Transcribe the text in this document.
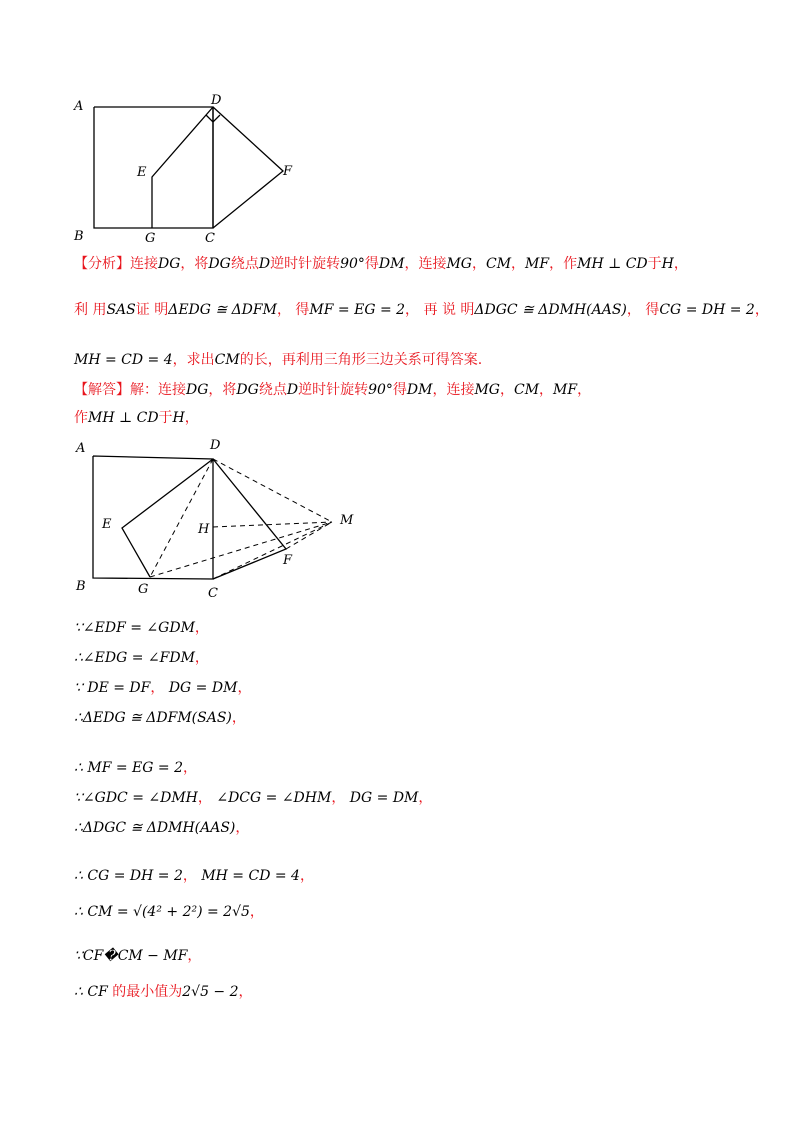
A	D
E	F
B	G	C
【分析】连接DG，将DG绕点D逆时针旋转90°得DM，连接MG，CM，MF，作MH ⊥ CD于H，
利 用 SAS 证 明 ΔEDG ≅ ΔDFM ， 得 MF = EG = 2 ， 再 说 明 ΔDGC ≅ ΔDMH(AAS) ， 得 CG = DH = 2 ，
MH = CD = 4，求出CM的长，再利用三角形三边关系可得答案.
【解答】解：连接DG，将DG绕点D逆时针旋转90°得DM，连接MG，CM，MF，
作MH ⊥ CD于H，
A	D
E	H
M
F
B	G	C
∵∠EDF = ∠GDM，
∴∠EDG = ∠FDM，
∵ DE = DF， DG = DM，
∴ΔEDG ≅ ΔDFM(SAS)，
∴ MF = EG = 2，
∵∠GDC = ∠DMH， ∠DCG = ∠DHM， DG = DM，
∴ΔDGC ≅ ΔDMH(AAS)，
∴ CG = DH = 2， MH = CD = 4，
∴ CM = √(4² + 2²) = 2√5，
∵CF�CM − MF，
∴ CF 的最小值为2√5 − 2，
